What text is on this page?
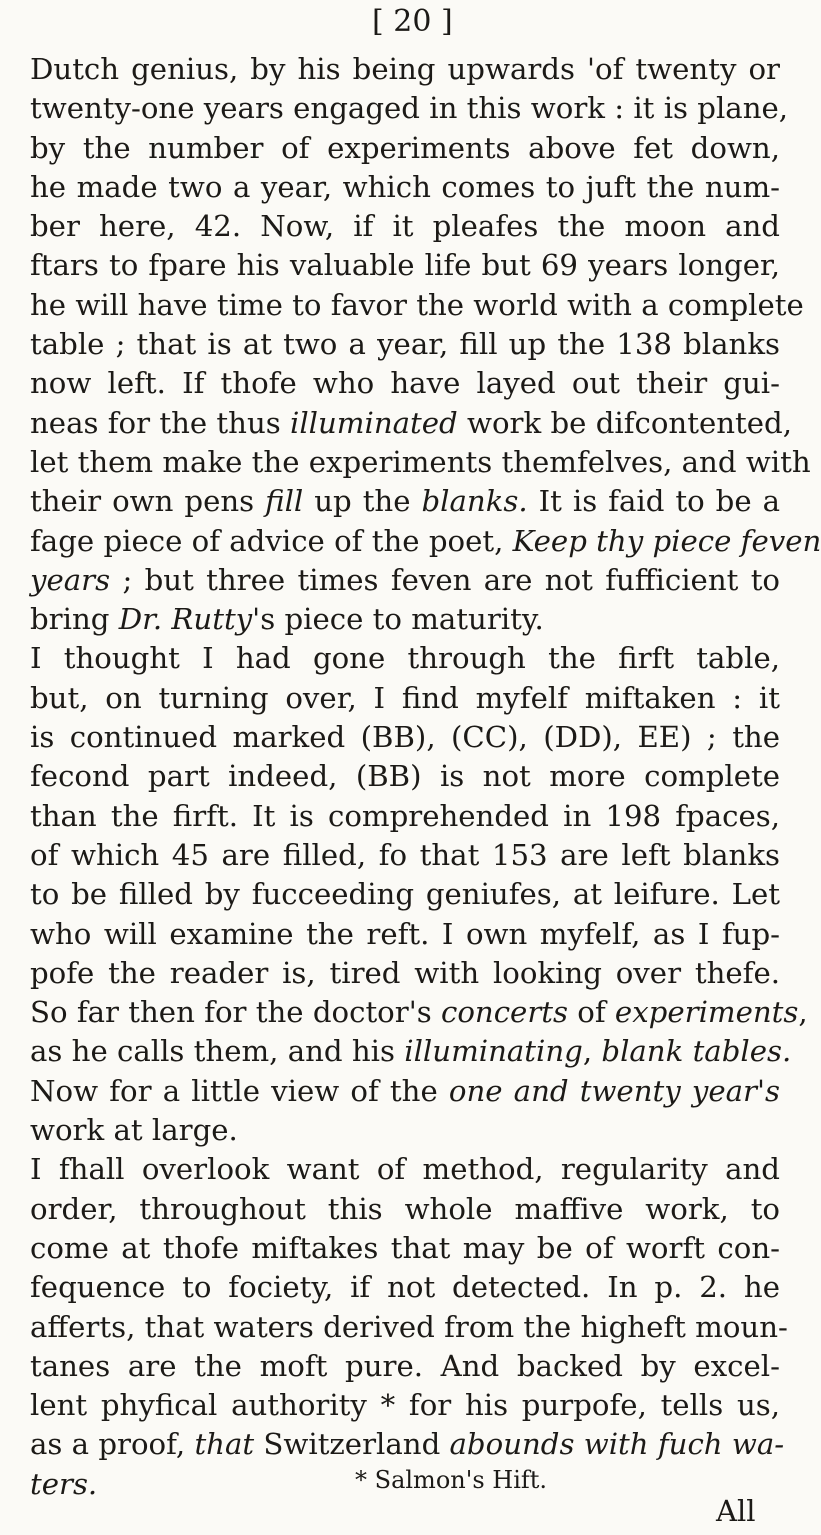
[ 20 ]
Dutch genius, by his being upwards 'of twenty or
twenty-one years engaged in this work : it is plane,
by the number of experiments above fet down,
he made two a year, which comes to juft the num-
ber here, 42. Now, if it pleafes the moon and
ftars to fpare his valuable life but 69 years longer,
he will have time to favor the world with a complete
table ; that is at two a year, fill up the 138 blanks
now left. If thofe who have layed out their gui-
neas for the thus illuminated work be difcontented,
let them make the experiments themfelves, and with
their own pens fill up the blanks. It is faid to be a
fage piece of advice of the poet, Keep thy piece feven
years ; but three times feven are not fufficient to
bring Dr. Rutty's piece to maturity.
I thought I had gone through the firft table,
but, on turning over, I find myfelf miftaken : it
is continued marked (BB), (CC), (DD), EE) ; the
fecond part indeed, (BB) is not more complete
than the firft. It is comprehended in 198 fpaces,
of which 45 are filled, fo that 153 are left blanks
to be filled by fucceeding geniufes, at leifure. Let
who will examine the reft. I own myfelf, as I fup-
pofe the reader is, tired with looking over thefe.
So far then for the doctor's concerts of experiments,
as he calls them, and his illuminating, blank tables.
Now for a little view of the one and twenty year's
work at large.
I fhall overlook want of method, regularity and
order, throughout this whole maffive work, to
come at thofe miftakes that may be of worft con-
fequence to fociety, if not detected. In p. 2. he
afferts, that waters derived from the higheft moun-
tanes are the moft pure. And backed by excel-
lent phyfical authority * for his purpofe, tells us,
as a proof, that Switzerland abounds with fuch wa-
ters.	* Salmon's Hift.
All
